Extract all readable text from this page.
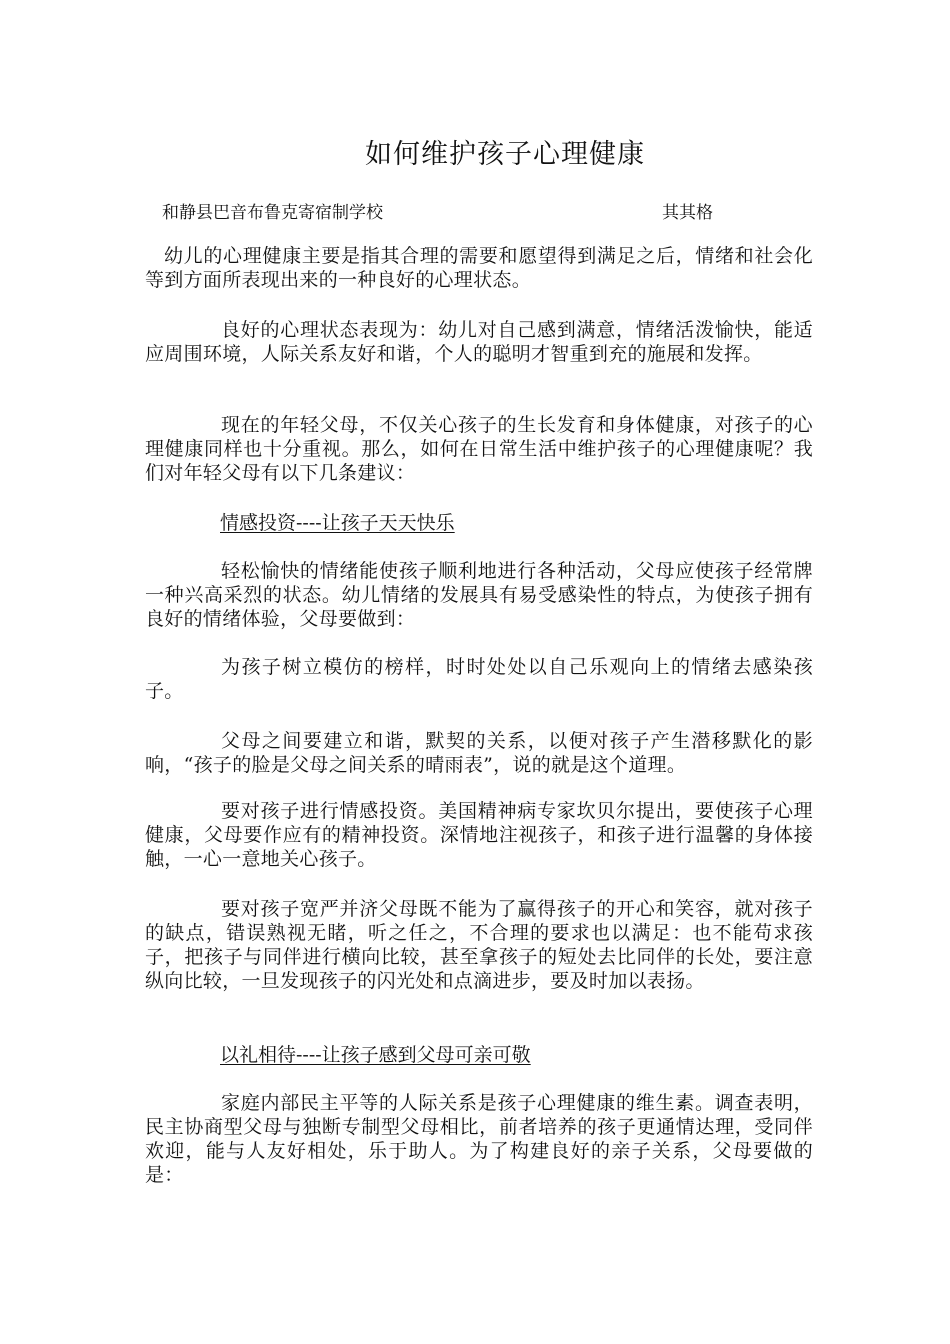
如何维护孩子心理健康
和静县巴音布鲁克寄宿制学校	其其格

幼儿的心理健康主要是指其合理的需要和愿望得到满足之后，情绪和社会化等到方面所表现出来的一种良好的心理状态。

良好的心理状态表现为：幼儿对自己感到满意，情绪活泼愉快，能适应周围环境，人际关系友好和谐，个人的聪明才智重到充的施展和发挥。

现在的年轻父母，不仅关心孩子的生长发育和身体健康，对孩子的心理健康同样也十分重视。那么，如何在日常生活中维护孩子的心理健康呢？我们对年轻父母有以下几条建议：

情感投资----让孩子天天快乐

轻松愉快的情绪能使孩子顺利地进行各种活动，父母应使孩子经常牌一种兴高采烈的状态。幼儿情绪的发展具有易受感染性的特点，为使孩子拥有良好的情绪体验，父母要做到：

为孩子树立模仿的榜样，时时处处以自己乐观向上的情绪去感染孩子。

父母之间要建立和谐，默契的关系，以便对孩子产生潜移默化的影响，“孩子的脸是父母之间关系的晴雨表”，说的就是这个道理。

要对孩子进行情感投资。美国精神病专家坎贝尔提出，要使孩子心理健康，父母要作应有的精神投资。深情地注视孩子，和孩子进行温馨的身体接触，一心一意地关心孩子。

要对孩子宽严并济父母既不能为了赢得孩子的开心和笑容，就对孩子的缺点，错误熟视无睹，听之任之，不合理的要求也以满足：也不能苟求孩子，把孩子与同伴进行横向比较，甚至拿孩子的短处去比同伴的长处，要注意纵向比较，一旦发现孩子的闪光处和点滴进步，要及时加以表扬。

以礼相待----让孩子感到父母可亲可敬

家庭内部民主平等的人际关系是孩子心理健康的维生素。调查表明，民主协商型父母与独断专制型父母相比，前者培养的孩子更通情达理，受同伴欢迎，能与人友好相处，乐于助人。为了构建良好的亲子关系，父母要做的是：
